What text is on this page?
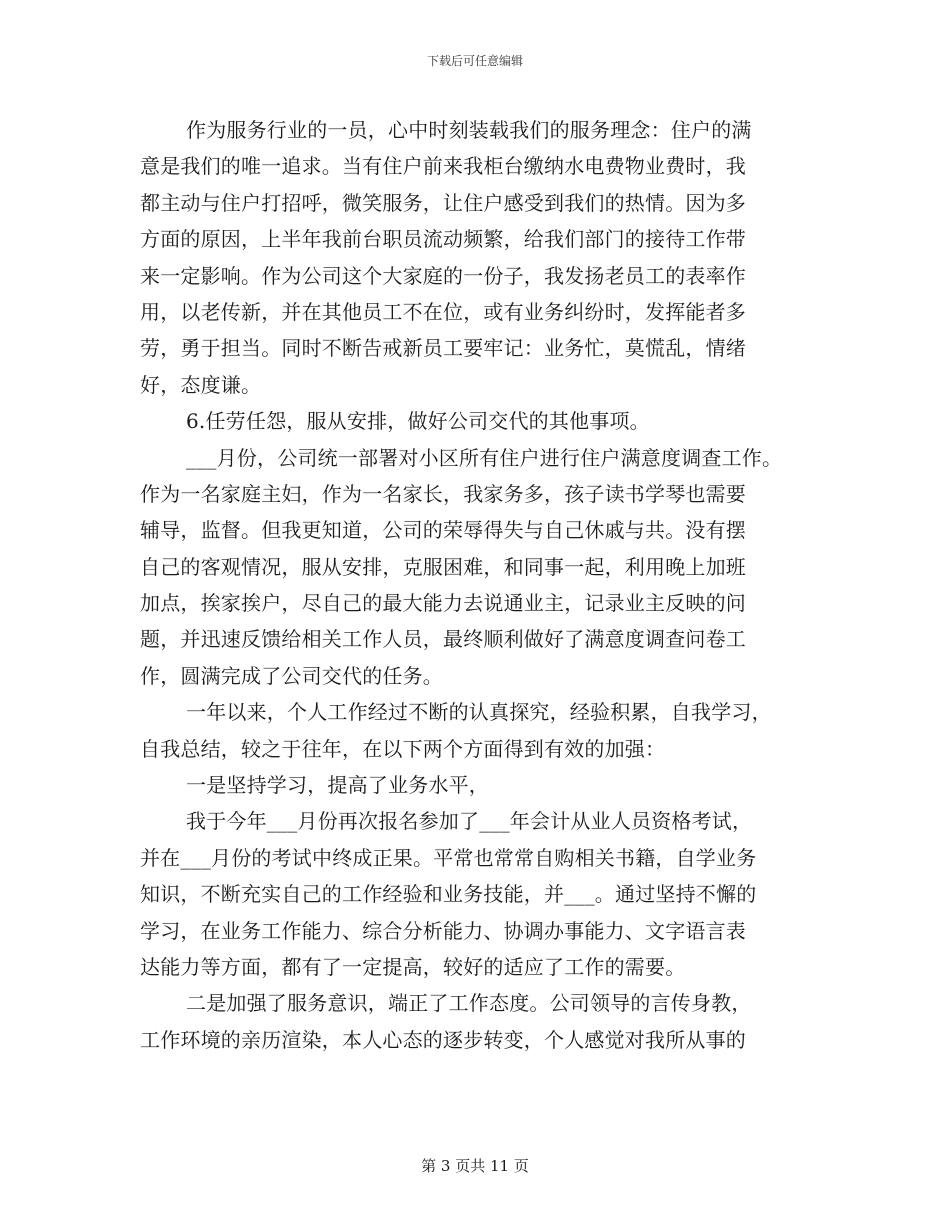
下载后可任意编辑
作为服务行业的一员，心中时刻装载我们的服务理念：住户的满
意是我们的唯一追求。当有住户前来我柜台缴纳水电费物业费时，我
都主动与住户打招呼，微笑服务，让住户感受到我们的热情。因为多
方面的原因，上半年我前台职员流动频繁，给我们部门的接待工作带
来一定影响。作为公司这个大家庭的一份子，我发扬老员工的表率作
用，以老传新，并在其他员工不在位，或有业务纠纷时，发挥能者多
劳，勇于担当。同时不断告戒新员工要牢记：业务忙，莫慌乱，情绪
好，态度谦。
6.任劳任怨，服从安排，做好公司交代的其他事项。
___月份，公司统一部署对小区所有住户进行住户满意度调查工作。
作为一名家庭主妇，作为一名家长，我家务多，孩子读书学琴也需要
辅导，监督。但我更知道，公司的荣辱得失与自己休戚与共。没有摆
自己的客观情况，服从安排，克服困难，和同事一起，利用晚上加班
加点，挨家挨户，尽自己的最大能力去说通业主，记录业主反映的问
题，并迅速反馈给相关工作人员，最终顺利做好了满意度调查问卷工
作，圆满完成了公司交代的任务。
一年以来，个人工作经过不断的认真探究，经验积累，自我学习，
自我总结，较之于往年，在以下两个方面得到有效的加强：
一是坚持学习，提高了业务水平，
我于今年___月份再次报名参加了___年会计从业人员资格考试，
并在___月份的考试中终成正果。平常也常常自购相关书籍，自学业务
知识，不断充实自己的工作经验和业务技能，并___。通过坚持不懈的
学习，在业务工作能力、综合分析能力、协调办事能力、文字语言表
达能力等方面，都有了一定提高，较好的适应了工作的需要。
二是加强了服务意识，端正了工作态度。公司领导的言传身教，
工作环境的亲历渲染，本人心态的逐步转变，个人感觉对我所从事的
第 3 页共 11 页
